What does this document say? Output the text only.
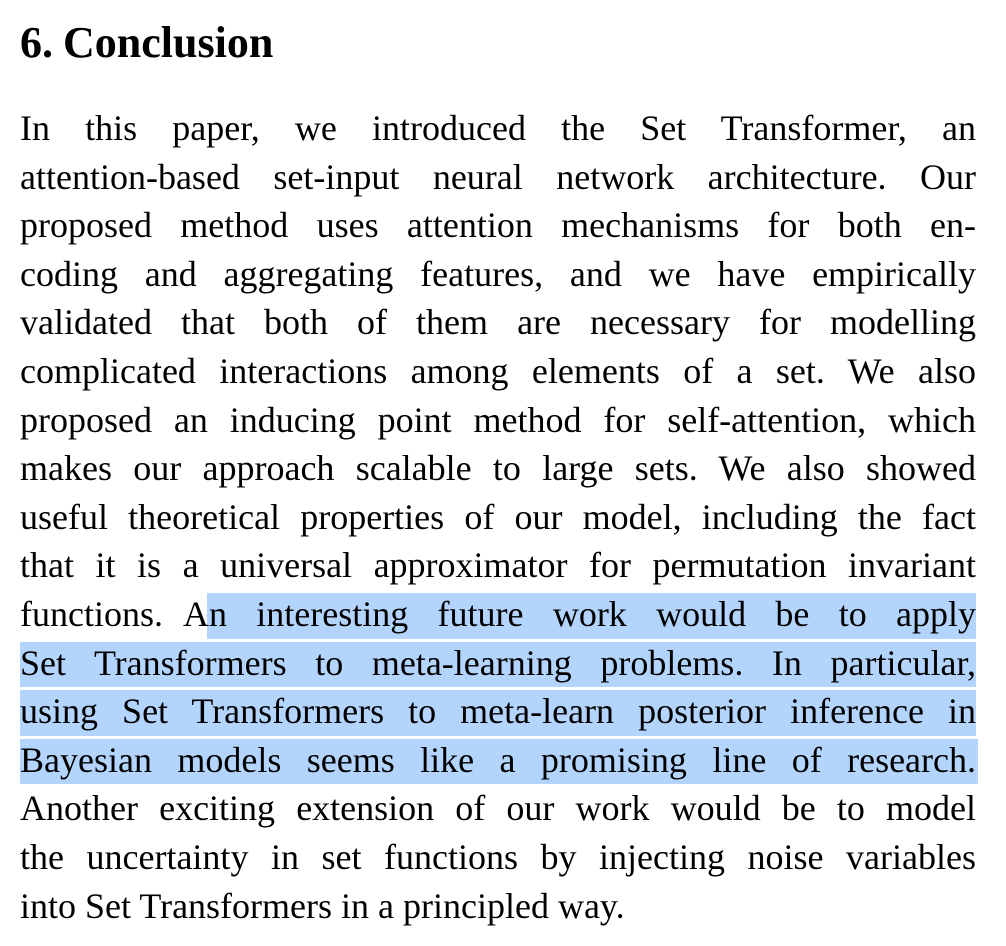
6. Conclusion
In this paper, we introduced the Set Transformer, an
attention-based set-input neural network architecture. Our
proposed method uses attention mechanisms for both en-
coding and aggregating features, and we have empirically
validated that both of them are necessary for modelling
complicated interactions among elements of a set. We also
proposed an inducing point method for self-attention, which
makes our approach scalable to large sets. We also showed
useful theoretical properties of our model, including the fact
that it is a universal approximator for permutation invariant
functions. An interesting future work would be to apply
Set Transformers to meta-learning problems. In particular,
using Set Transformers to meta-learn posterior inference in
Bayesian models seems like a promising line of research.
Another exciting extension of our work would be to model
the uncertainty in set functions by injecting noise variables
into Set Transformers in a principled way.
